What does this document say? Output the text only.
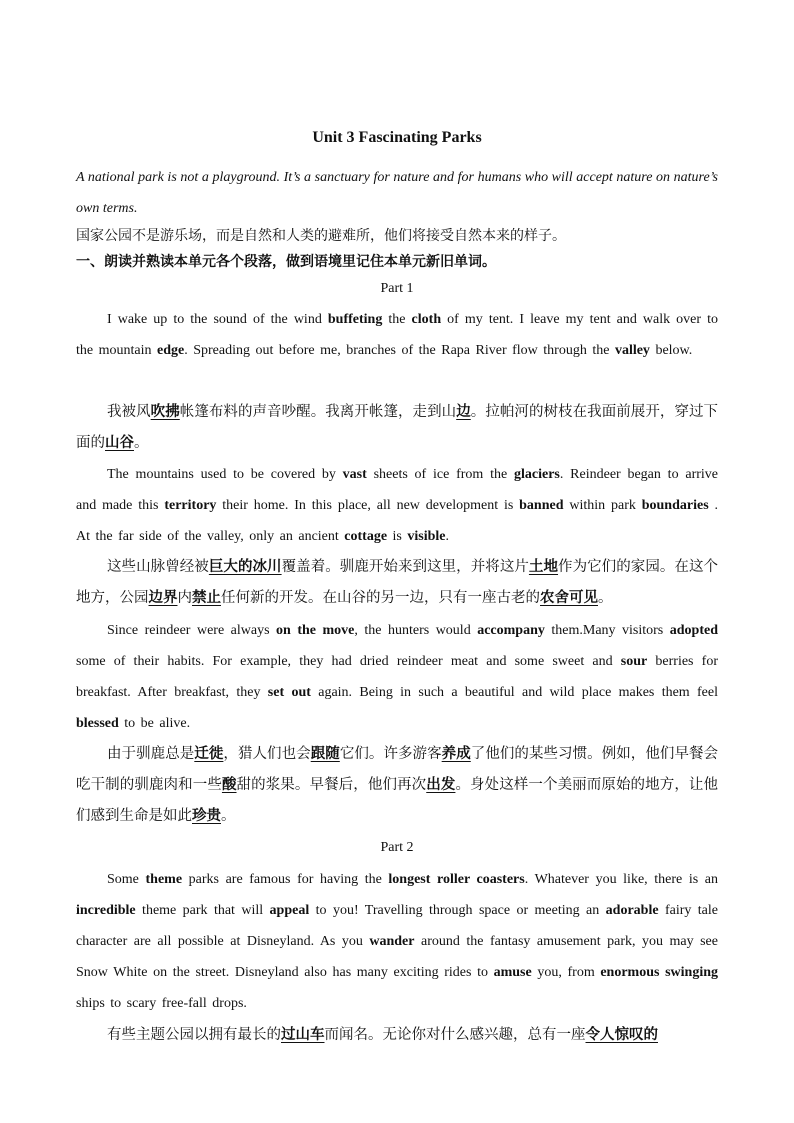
Unit 3 Fascinating Parks
A national park is not a playground. It’s a sanctuary for nature and for humans who will accept nature on nature’s own terms.
国家公园不是游乐场，而是自然和人类的避难所，他们将接受自然本来的样子。
一、朗读并熟读本单元各个段落，做到语境里记住本单元新旧单词。
Part 1
I wake up to the sound of the wind buffeting the cloth of my tent. I leave my tent and walk over to the mountain edge. Spreading out before me, branches of the Rapa River flow through the valley below.
我被风吹拂帐篷布料的声音吵醒。我离开帐篷，走到山边。拉帕河的树枝在我面前展开，穿过下面的山谷。
The mountains used to be covered by vast sheets of ice from the glaciers. Reindeer began to arrive and made this territory their home. In this place, all new development is banned within park boundaries . At the far side of the valley, only an ancient cottage is visible.
这些山脉曾经被巨大的冰川覆盖着。驯鹿开始来到这里，并将这片土地作为它们的家园。在这个地方，公园边界内禁止任何新的开发。在山谷的另一边，只有一座古老的农舍可见。
Since reindeer were always on the move, the hunters would accompany them.Many visitors adopted some of their habits. For example, they had dried reindeer meat and some sweet and sour berries for breakfast. After breakfast, they set out again. Being in such a beautiful and wild place makes them feel blessed to be alive.
由于驯鹿总是迁徙，猎人们也会跟随它们。许多游客养成了他们的某些习惯。例如，他们早餐会吃干制的驯鹿肉和一些酸甜的浆果。早餐后，他们再次出发。身处这样一个美丽而原始的地方，让他们感到生命是如此珍贵。
Part 2
Some theme parks are famous for having the longest roller coasters. Whatever you like, there is an incredible theme park that will appeal to you! Travelling through space or meeting an adorable fairy tale character are all possible at Disneyland. As you wander around the fantasy amusement park, you may see Snow White on the street. Disneyland also has many exciting rides to amuse you, from enormous swinging ships to scary free-fall drops.
有些主题公园以拥有最长的过山车而闻名。无论你对什么感兴趣，总有一座令人惊叹的
